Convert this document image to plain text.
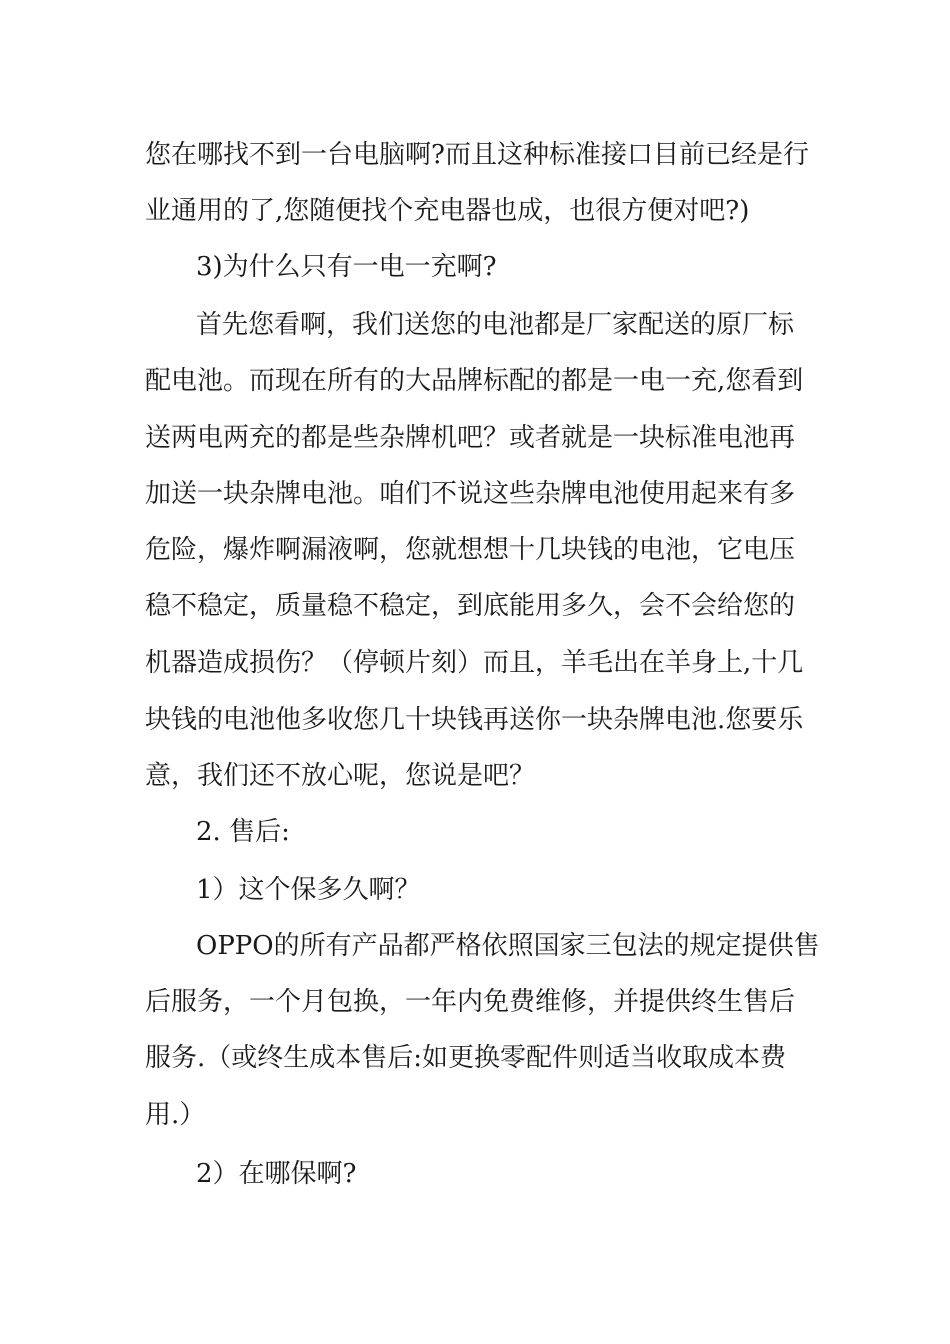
您在哪找不到一台电脑啊?而且这种标准接口目前已经是行
业通用的了,您随便找个充电器也成，也很方便对吧?)
3)为什么只有一电一充啊?
首先您看啊，我们送您的电池都是厂家配送的原厂标
配电池。而现在所有的大品牌标配的都是一电一充,您看到
送两电两充的都是些杂牌机吧？或者就是一块标准电池再
加送一块杂牌电池。咱们不说这些杂牌电池使用起来有多
危险，爆炸啊漏液啊，您就想想十几块钱的电池，它电压
稳不稳定，质量稳不稳定，到底能用多久，会不会给您的
机器造成损伤？（停顿片刻）而且，羊毛出在羊身上,十几
块钱的电池他多收您几十块钱再送你一块杂牌电池.您要乐
意，我们还不放心呢，您说是吧？
2. 售后:
1）这个保多久啊？
OPPO的所有产品都严格依照国家三包法的规定提供售
后服务，一个月包换，一年内免费维修，并提供终生售后
服务.（或终生成本售后:如更换零配件则适当收取成本费
用.）
2）在哪保啊?
